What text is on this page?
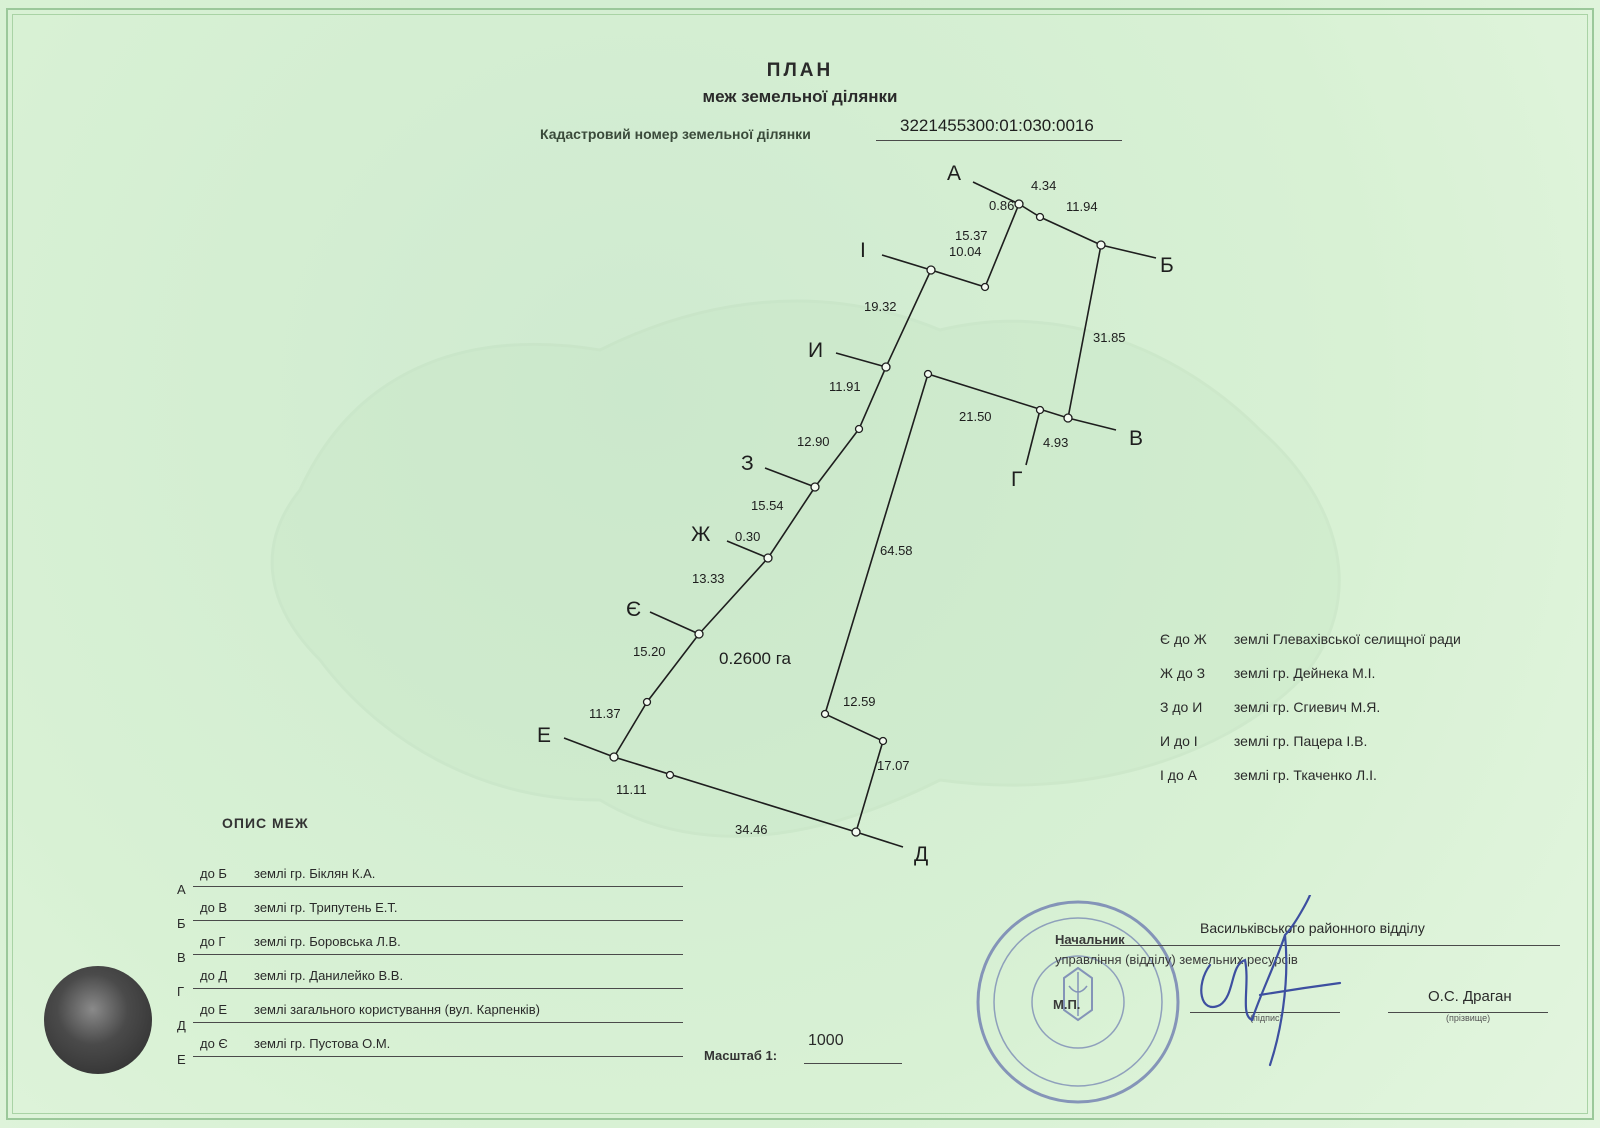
ПЛАН
меж земельної ділянки
Кадастровий номер земельної ділянки	3221455300:01:030:0016
А
Б
В
Г
Д
Е
Є
Ж
З
И
І
4.34
0.86	11.94
15.37
10.04
19.32
31.85
11.91
21.50
4.93
12.90
15.54
0.30
64.58
13.33
15.20
12.59
11.37
11.11
17.07
34.46
0.2600 га
Є до Ж землі Глевахівської селищної ради
Ж до З землі гр. Дейнека М.І.
З до И землі гр. Сгиевич М.Я.
И до І	землі гр. Пацера І.В.
І до А	землі гр. Ткаченко Л.І.
ОПИС МЕЖ
А
до Б землі гр. Біклян К.А.
Б
до В землі гр. Трипутень Е.Т.
В
до Г землі гр. Боровська Л.В.
Г
до Д землі гр. Данилейко В.В.
Д
до Е землі загального користування (вул. Карпенків)
Е
до Є землі гр. Пустова О.М.
Масштаб 1:
1000
Васильківського районного відділу
Начальник
управління (відділу) земельних ресурсів
М.П.
(підпис)
О.С. Драган
(прізвище)
